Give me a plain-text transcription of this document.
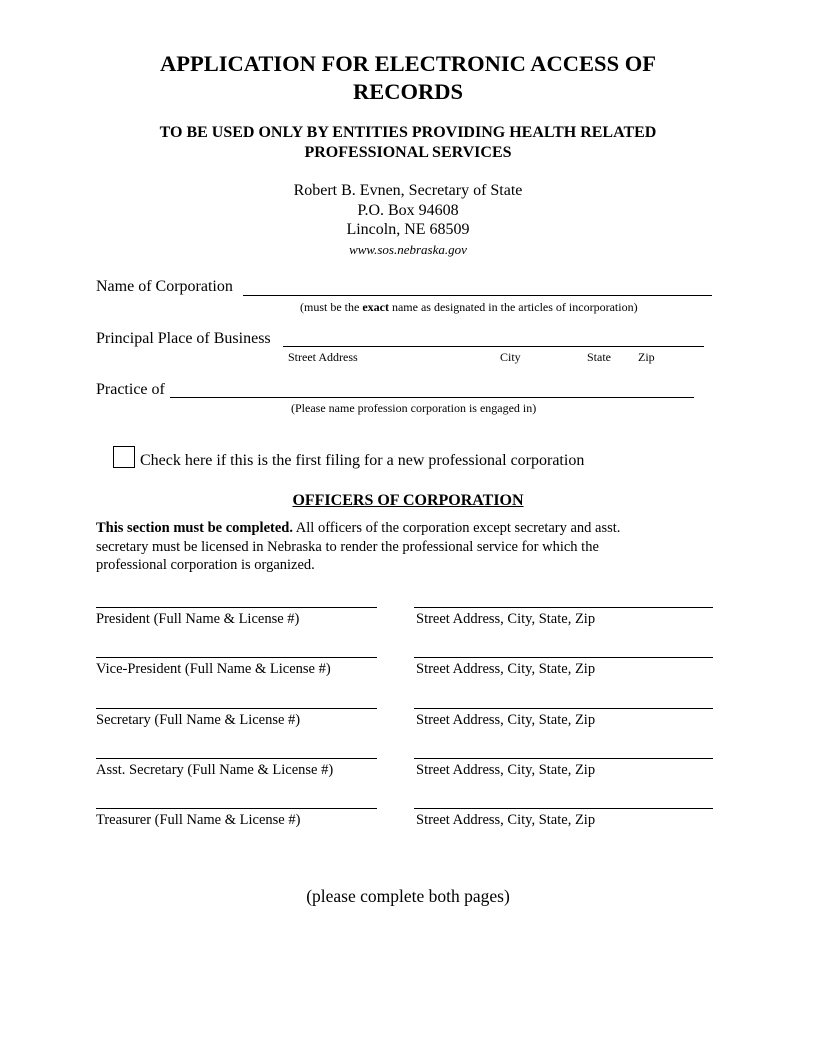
APPLICATION FOR ELECTRONIC ACCESS OF
RECORDS
TO BE USED ONLY BY ENTITIES PROVIDING HEALTH RELATED
PROFESSIONAL SERVICES
Robert B. Evnen, Secretary of State
P.O. Box 94608
Lincoln, NE 68509
www.sos.nebraska.gov
Name of Corporation
(must be the exact name as designated in the articles of incorporation)
Principal Place of Business
Street Address	City	State Zip
Practice of
(Please name profession corporation is engaged in)
Check here if this is the first filing for a new professional corporation
OFFICERS OF CORPORATION
This section must be completed. All officers of the corporation except secretary and asst.
secretary must be licensed in Nebraska to render the professional service for which the
professional corporation is organized.
President (Full Name & License #)	Street Address, City, State, Zip
Vice-President (Full Name & License #)	Street Address, City, State, Zip
Secretary (Full Name & License #)	Street Address, City, State, Zip
Asst. Secretary (Full Name & License #)	Street Address, City, State, Zip
Treasurer (Full Name & License #)	Street Address, City, State, Zip
(please complete both pages)
